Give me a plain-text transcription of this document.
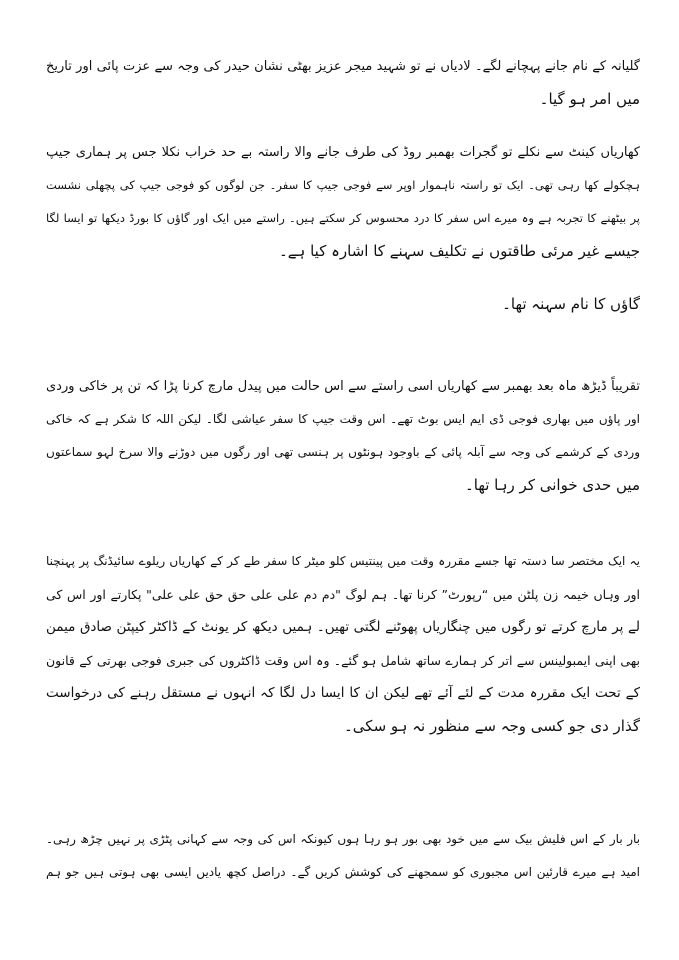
گلیانہ کے نام جانے پہچانے لگے۔ لادیاں نے تو شہید میجر عزیز بھٹی نشان حیدر کی وجہ سے عزت پائی اور تاریخ
میں امر ہو گیا۔
کھاریاں کینٹ سے نکلے تو گجرات بھمبر روڈ کی طرف جانے والا راستہ بے حد خراب نکلا جس پر ہماری جیپ
ہچکولے کھا رہی تھی۔ ایک تو راستہ ناہموار اوپر سے فوجی جیپ کا سفر۔ جن لوگوں کو فوجی جیپ کی پچھلی نشست
پر بیٹھنے کا تجربہ ہے وہ میرے اس سفر کا درد محسوس کر سکتے ہیں۔ راستے میں ایک اور گاؤں کا بورڈ دیکھا تو ایسا لگا
جیسے غیر مرئی طاقتوں نے تکلیف سہنے کا اشارہ کیا ہے۔
گاؤں کا نام سہنہ تھا۔
تقریباً ڈیڑھ ماہ بعد بھمبر سے کھاریاں اسی راستے سے اس حالت میں پیدل مارچ کرنا پڑا کہ تن پر خاکی وردی
اور پاؤں میں بھاری فوجی ڈی ایم ایس بوٹ تھے۔ اس وقت جیپ کا سفر عیاشی لگا۔ لیکن اللہ کا شکر ہے کہ خاکی
وردی کے کرشمے کی وجہ سے آبلہ پائی کے باوجود ہونٹوں پر ہنسی تھی اور رگوں میں دوڑنے والا سرخ لہو سماعتوں
میں حدی خوانی کر رہا تھا۔
یہ ایک مختصر سا دستہ تھا جسے مقررہ وقت میں پینتیس کلو میٹر کا سفر طے کر کے کھاریاں ریلوے سائیڈنگ پر پہنچنا
اور وہاں خیمہ زن پلٹن میں “رپورٹ” کرنا تھا۔ ہم لوگ "دم دم علی علی حق حق علی علی" پکارتے اور اس کی
لے پر مارچ کرتے تو رگوں میں چنگاریاں پھوٹنے لگتی تھیں۔ ہمیں دیکھ کر یونٹ کے ڈاکٹر کیپٹن صادق میمن
بھی اپنی ایمبولینس سے اتر کر ہمارے ساتھ شامل ہو گئے۔ وہ اس وقت ڈاکٹروں کی جبری فوجی بھرتی کے قانون
کے تحت ایک مقررہ مدت کے لئے آئے تھے لیکن ان کا ایسا دل لگا کہ انہوں نے مستقل رہنے کی درخواست
گذار دی جو کسی وجہ سے منظور نہ ہو سکی۔
بار بار کے اس فلیش بیک سے میں خود بھی بور ہو رہا ہوں کیونکہ اس کی وجہ سے کہانی پٹڑی پر نہیں چڑھ رہی۔
امید ہے میرے قارئین اس مجبوری کو سمجھنے کی کوشش کریں گے۔ دراصل کچھ یادیں ایسی بھی ہوتی ہیں جو ہم
